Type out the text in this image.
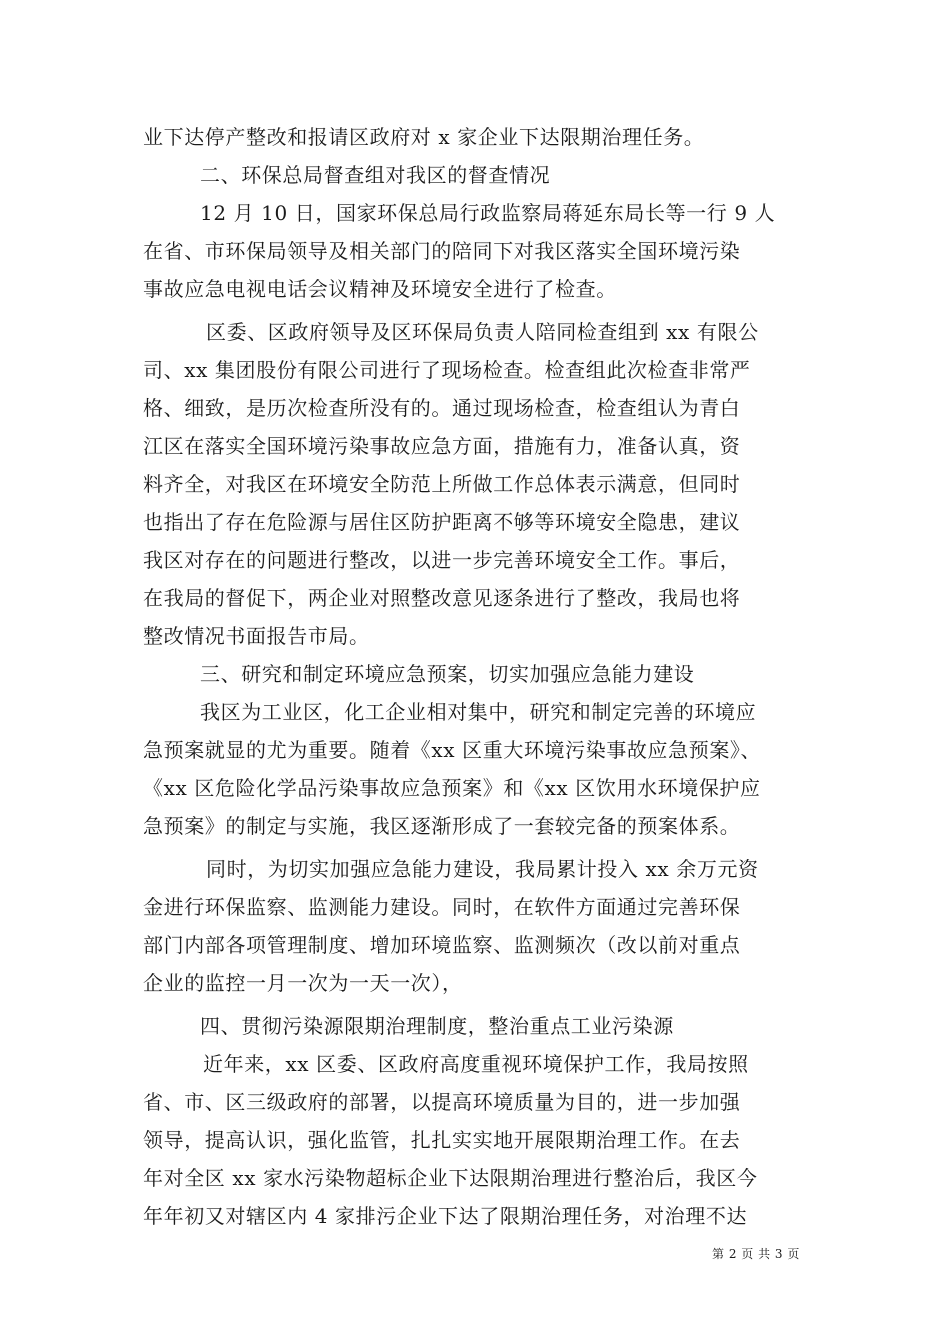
业下达停产整改和报请区政府对 x 家企业下达限期治理任务。
二、环保总局督查组对我区的督查情况
12 月 10 日，国家环保总局行政监察局蒋延东局长等一行 9 人
在省、市环保局领导及相关部门的陪同下对我区落实全国环境污染
事故应急电视电话会议精神及环境安全进行了检查。
区委、区政府领导及区环保局负责人陪同检查组到 xx 有限公
司、xx 集团股份有限公司进行了现场检查。检查组此次检查非常严
格、细致，是历次检查所没有的。通过现场检查，检查组认为青白
江区在落实全国环境污染事故应急方面，措施有力，准备认真，资
料齐全，对我区在环境安全防范上所做工作总体表示满意，但同时
也指出了存在危险源与居住区防护距离不够等环境安全隐患，建议
我区对存在的问题进行整改，以进一步完善环境安全工作。事后，
在我局的督促下，两企业对照整改意见逐条进行了整改，我局也将
整改情况书面报告市局。
三、研究和制定环境应急预案，切实加强应急能力建设
我区为工业区，化工企业相对集中，研究和制定完善的环境应
急预案就显的尤为重要。随着《xx 区重大环境污染事故应急预案》、
《xx 区危险化学品污染事故应急预案》和《xx 区饮用水环境保护应
急预案》的制定与实施，我区逐渐形成了一套较完备的预案体系。
同时，为切实加强应急能力建设，我局累计投入 xx 余万元资
金进行环保监察、监测能力建设。同时，在软件方面通过完善环保
部门内部各项管理制度、增加环境监察、监测频次（改以前对重点
企业的监控一月一次为一天一次），
四、贯彻污染源限期治理制度，整治重点工业污染源
近年来，xx 区委、区政府高度重视环境保护工作，我局按照
省、市、区三级政府的部署，以提高环境质量为目的，进一步加强
领导，提高认识，强化监管，扎扎实实地开展限期治理工作。在去
年对全区 xx 家水污染物超标企业下达限期治理进行整治后，我区今
年年初又对辖区内 4 家排污企业下达了限期治理任务，对治理不达
第 2 页 共 3 页
